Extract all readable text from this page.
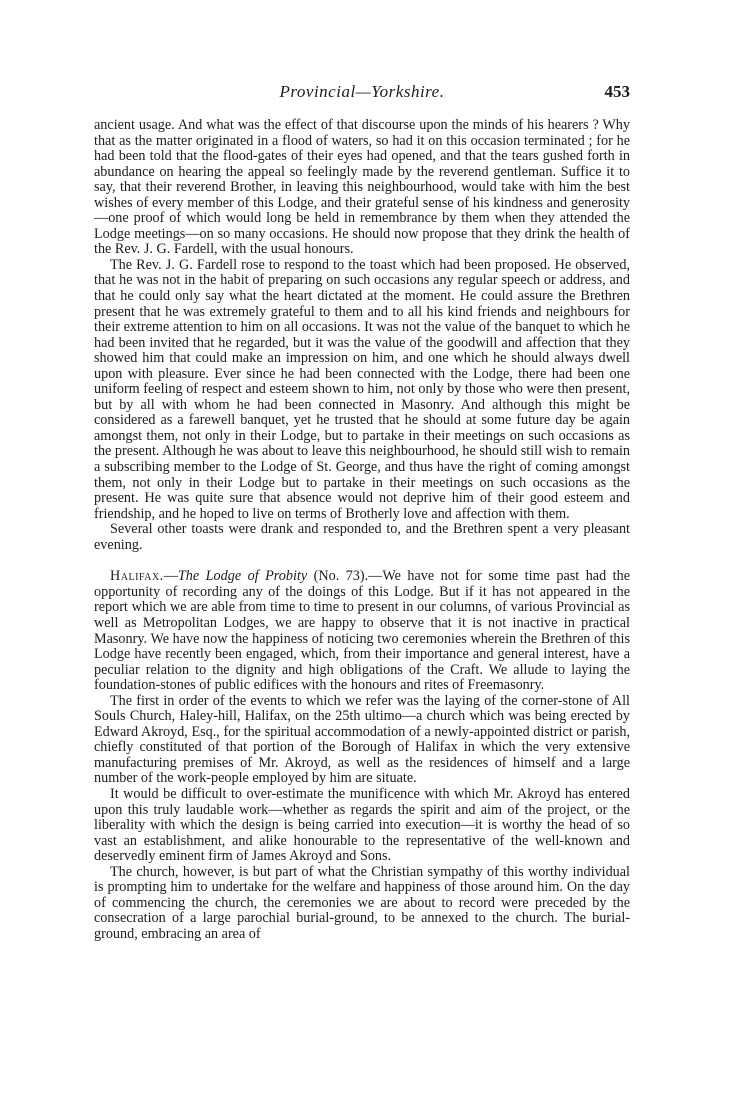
Provincial—Yorkshire.	453

ancient usage. And what was the effect of that discourse upon the minds of his hearers ? Why that as the matter originated in a flood of waters, so had it on this occasion terminated ; for he had been told that the flood-gates of their eyes had opened, and that the tears gushed forth in abundance on hearing the appeal so feelingly made by the reverend gentleman. Suffice it to say, that their reverend Brother, in leaving this neighbourhood, would take with him the best wishes of every member of this Lodge, and their grateful sense of his kindness and generosity—one proof of which would long be held in remembrance by them when they attended the Lodge meetings—on so many occasions. He should now propose that they drink the health of the Rev. J. G. Fardell, with the usual honours.

The Rev. J. G. Fardell rose to respond to the toast which had been proposed. He observed, that he was not in the habit of preparing on such occasions any regular speech or address, and that he could only say what the heart dictated at the moment. He could assure the Brethren present that he was extremely grateful to them and to all his kind friends and neighbours for their extreme attention to him on all occasions. It was not the value of the banquet to which he had been invited that he regarded, but it was the value of the goodwill and affection that they showed him that could make an impression on him, and one which he should always dwell upon with pleasure. Ever since he had been connected with the Lodge, there had been one uniform feeling of respect and esteem shown to him, not only by those who were then present, but by all with whom he had been connected in Masonry. And although this might be considered as a farewell banquet, yet he trusted that he should at some future day be again amongst them, not only in their Lodge, but to partake in their meetings on such occasions as the present. Although he was about to leave this neighbourhood, he should still wish to remain a subscribing member to the Lodge of St. George, and thus have the right of coming amongst them, not only in their Lodge but to partake in their meetings on such occasions as the present. He was quite sure that absence would not deprive him of their good esteem and friendship, and he hoped to live on terms of Brotherly love and affection with them.

Several other toasts were drank and responded to, and the Brethren spent a very pleasant evening.

Halifax.—The Lodge of Probity (No. 73).—We have not for some time past had the opportunity of recording any of the doings of this Lodge. But if it has not appeared in the report which we are able from time to time to present in our columns, of various Provincial as well as Metropolitan Lodges, we are happy to observe that it is not inactive in practical Masonry. We have now the happiness of noticing two ceremonies wherein the Brethren of this Lodge have recently been engaged, which, from their importance and general interest, have a peculiar relation to the dignity and high obligations of the Craft. We allude to laying the foundation-stones of public edifices with the honours and rites of Freemasonry.

The first in order of the events to which we refer was the laying of the corner-stone of All Souls Church, Haley-hill, Halifax, on the 25th ultimo—a church which was being erected by Edward Akroyd, Esq., for the spiritual accommodation of a newly-appointed district or parish, chiefly constituted of that portion of the Borough of Halifax in which the very extensive manufacturing premises of Mr. Akroyd, as well as the residences of himself and a large number of the work-people employed by him are situate.

It would be difficult to over-estimate the munificence with which Mr. Akroyd has entered upon this truly laudable work—whether as regards the spirit and aim of the project, or the liberality with which the design is being carried into execution—it is worthy the head of so vast an establishment, and alike honourable to the representative of the well-known and deservedly eminent firm of James Akroyd and Sons.

The church, however, is but part of what the Christian sympathy of this worthy individual is prompting him to undertake for the welfare and happiness of those around him. On the day of commencing the church, the ceremonies we are about to record were preceded by the consecration of a large parochial burial-ground, to be annexed to the church. The burial-ground, embracing an area of
